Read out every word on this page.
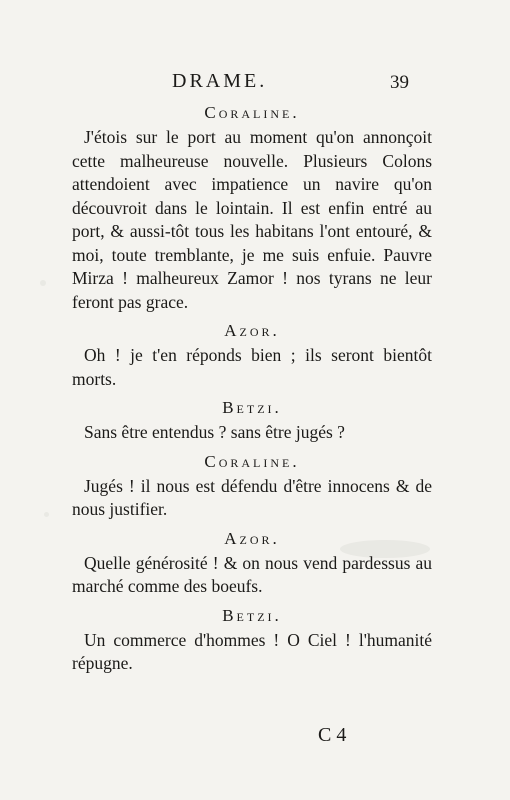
DRAME.	39

Coraline.

J'étois sur le port au moment qu'on annonçoit cette malheureuse nouvelle. Plusieurs Colons attendoient avec impatience un navire qu'on découvroit dans le lointain. Il est enfin entré au port, & aussi-tôt tous les habitans l'ont entouré, & moi, toute tremblante, je me suis enfuie. Pauvre Mirza ! malheureux Zamor ! nos tyrans ne leur feront pas grace.

Azor.

Oh ! je t'en réponds bien ; ils seront bientôt morts.

Betzi.

Sans être entendus ? sans être jugés ?

Coraline.

Jugés ! il nous est défendu d'être innocens & de nous justifier.

Azor.

Quelle générosité ! & on nous vend pardessus au marché comme des boeufs.

Betzi.

Un commerce d'hommes ! O Ciel ! l'humanité répugne.

C 4
